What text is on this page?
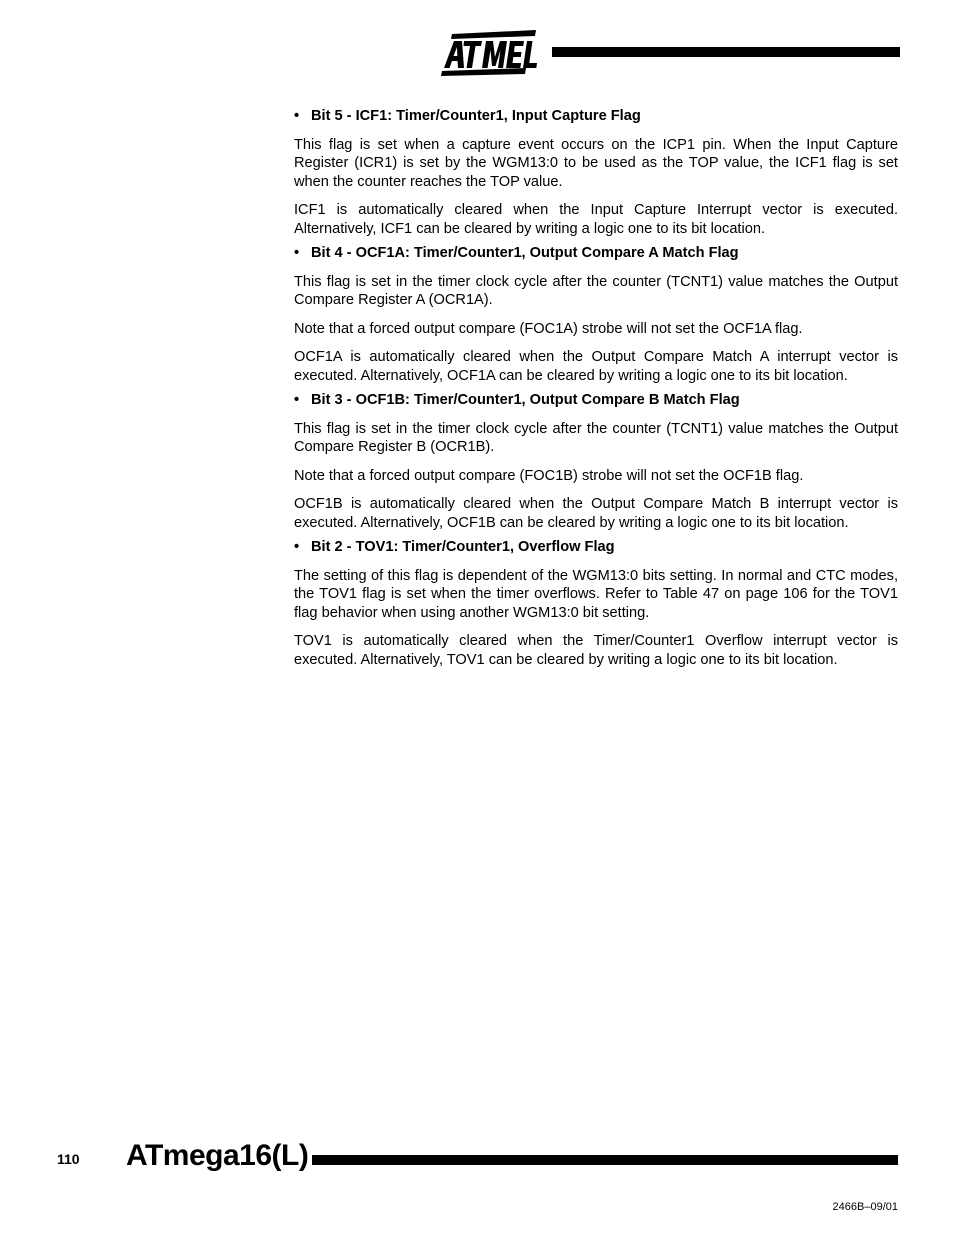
• Bit 5 - ICF1: Timer/Counter1, Input Capture Flag

This flag is set when a capture event occurs on the ICP1 pin. When the Input Capture Register (ICR1) is set by the WGM13:0 to be used as the TOP value, the ICF1 flag is set when the counter reaches the TOP value.

ICF1 is automatically cleared when the Input Capture Interrupt vector is executed. Alternatively, ICF1 can be cleared by writing a logic one to its bit location.

• Bit 4 - OCF1A: Timer/Counter1, Output Compare A Match Flag

This flag is set in the timer clock cycle after the counter (TCNT1) value matches the Output Compare Register A (OCR1A).

Note that a forced output compare (FOC1A) strobe will not set the OCF1A flag.

OCF1A is automatically cleared when the Output Compare Match A interrupt vector is executed. Alternatively, OCF1A can be cleared by writing a logic one to its bit location.

• Bit 3 - OCF1B: Timer/Counter1, Output Compare B Match Flag

This flag is set in the timer clock cycle after the counter (TCNT1) value matches the Output Compare Register B (OCR1B).

Note that a forced output compare (FOC1B) strobe will not set the OCF1B flag.

OCF1B is automatically cleared when the Output Compare Match B interrupt vector is executed. Alternatively, OCF1B can be cleared by writing a logic one to its bit location.

• Bit 2 - TOV1: Timer/Counter1, Overflow Flag

The setting of this flag is dependent of the WGM13:0 bits setting. In normal and CTC modes, the TOV1 flag is set when the timer overflows. Refer to Table 47 on page 106 for the TOV1 flag behavior when using another WGM13:0 bit setting.

TOV1 is automatically cleared when the Timer/Counter1 Overflow interrupt vector is executed. Alternatively, TOV1 can be cleared by writing a logic one to its bit location.

110 ATmega16(L)
2466B–09/01
